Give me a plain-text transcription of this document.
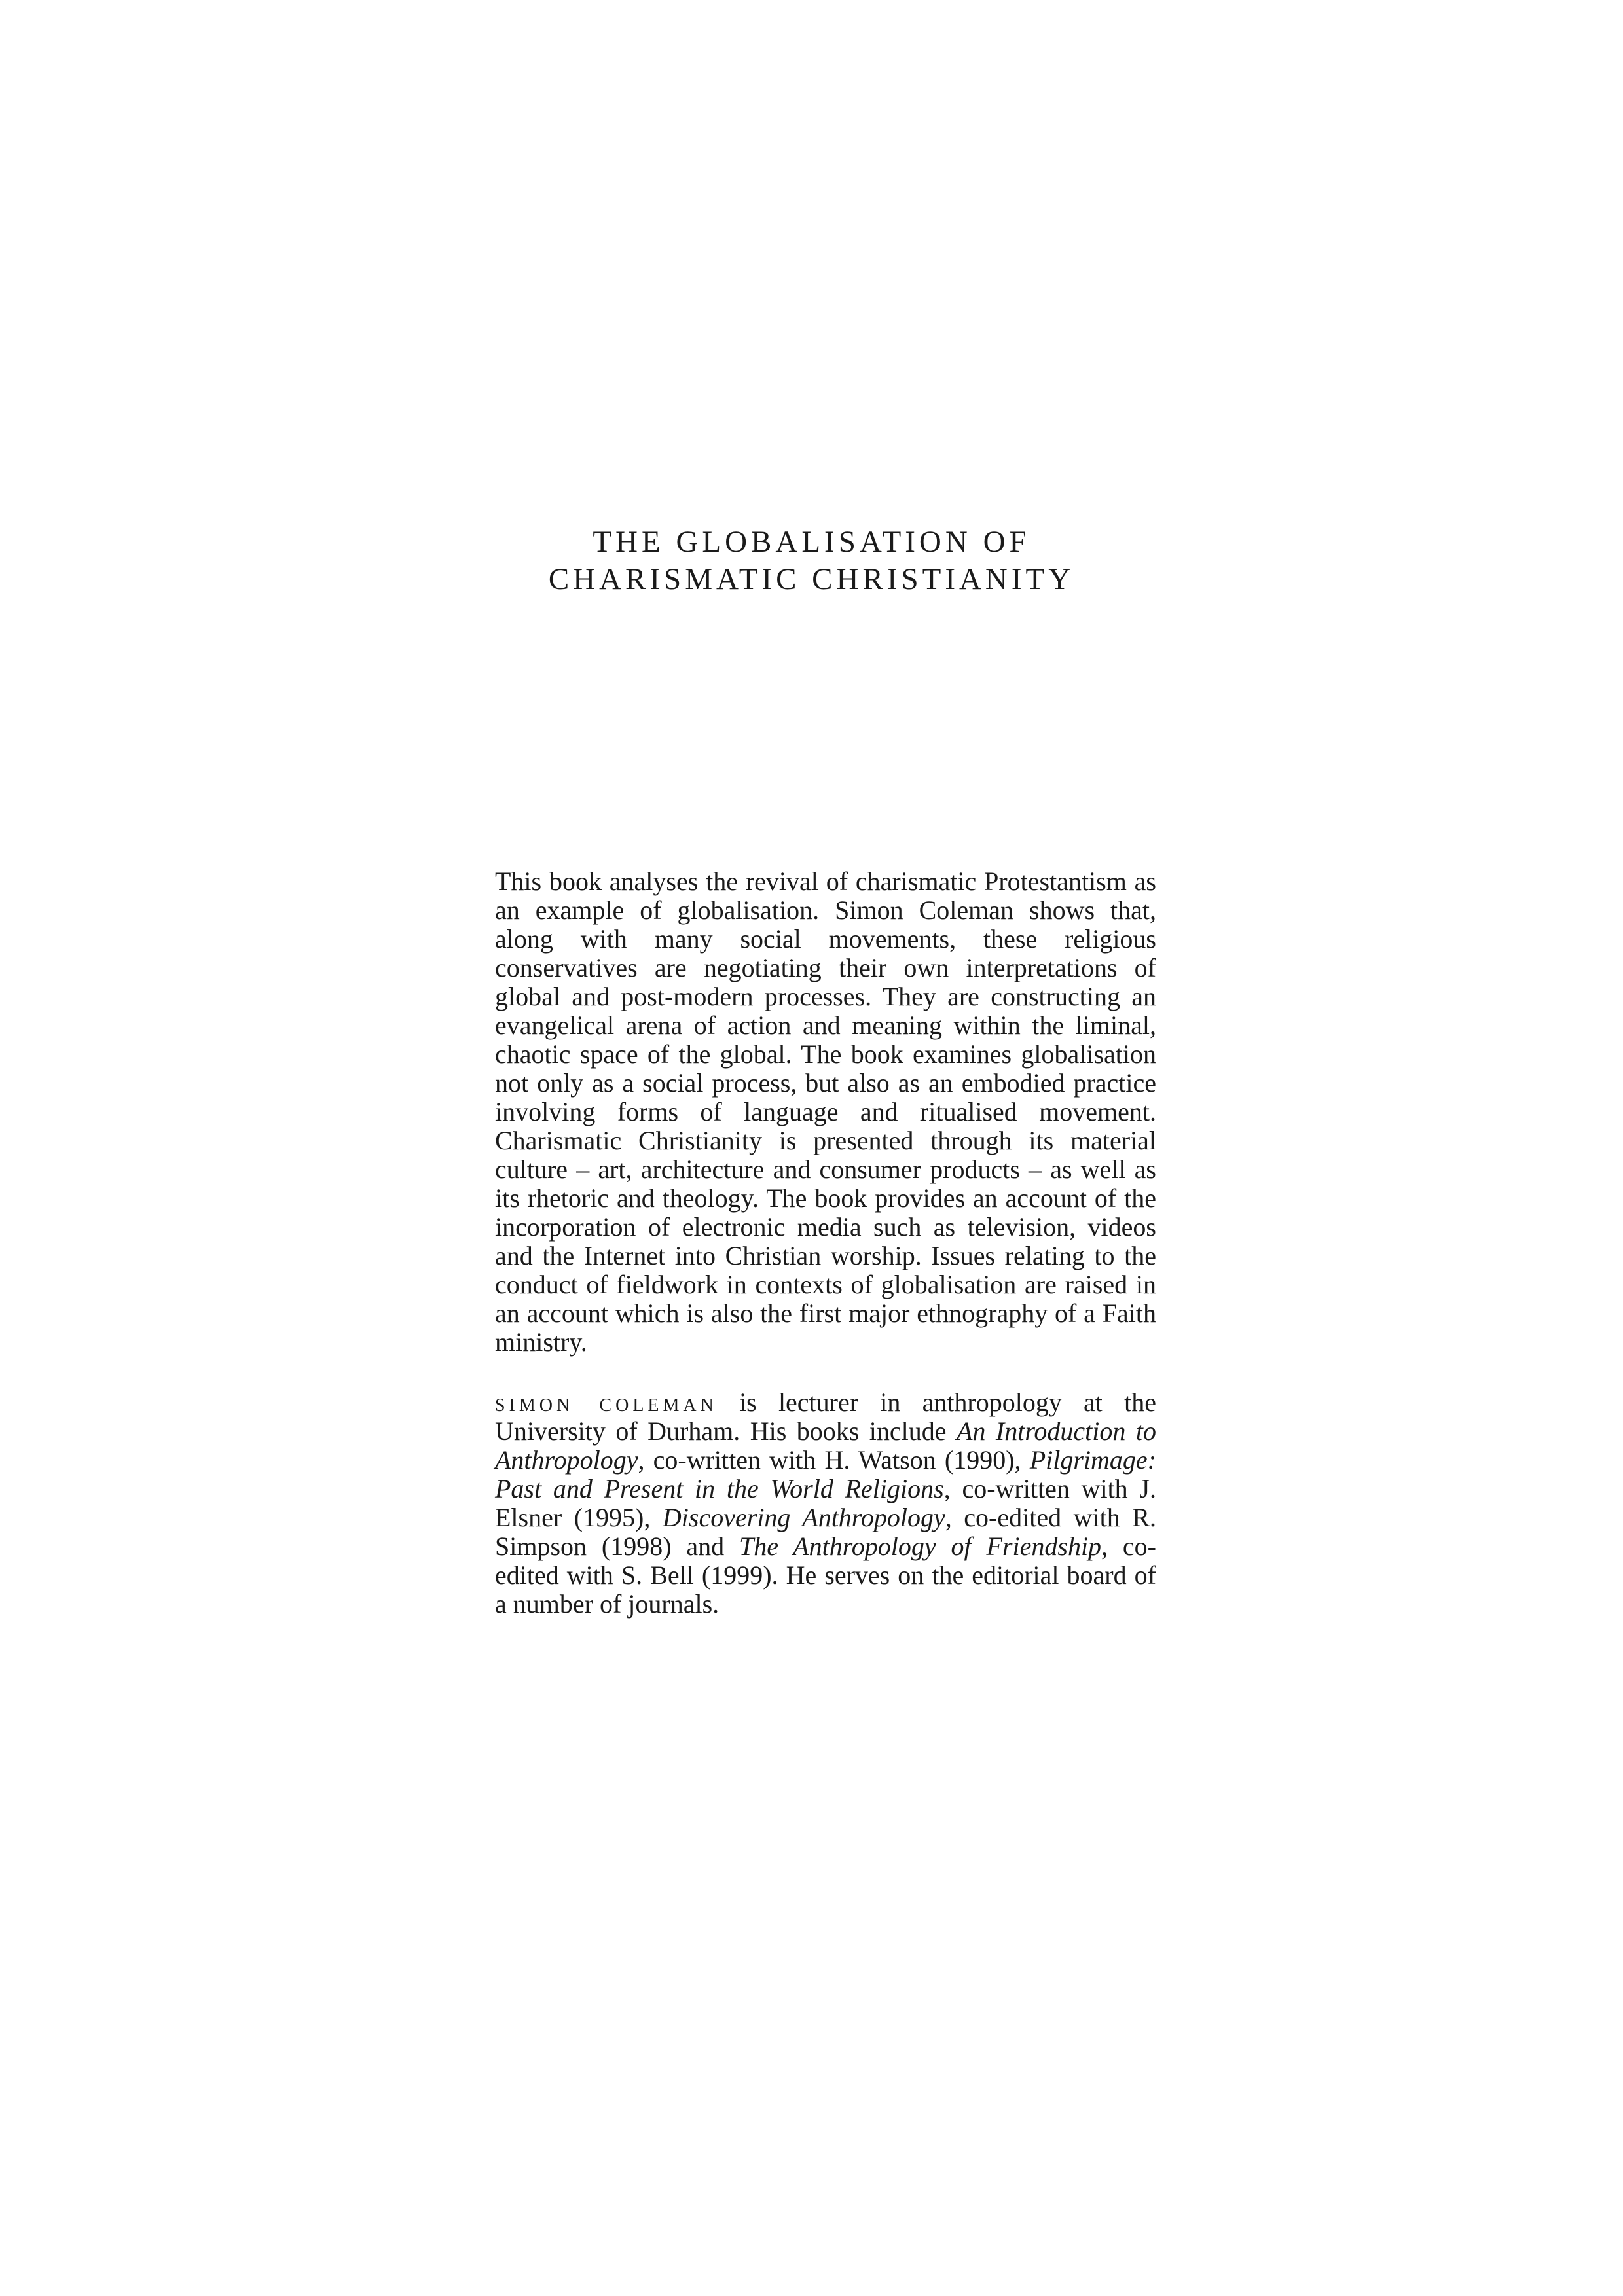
THE GLOBALISATION OF
CHARISMATIC CHRISTIANITY

This book analyses the revival of charismatic Protestantism as an example of globalisation. Simon Coleman shows that, along with many social movements, these religious conservatives are negotiating their own interpretations of global and post-modern processes. They are constructing an evangelical arena of action and meaning within the liminal, chaotic space of the global. The book examines globalisation not only as a social process, but also as an embodied practice involving forms of language and ritualised movement. Charismatic Christianity is presented through its material culture – art, architecture and consumer products – as well as its rhetoric and theology. The book provides an account of the incorporation of electronic media such as television, videos and the Internet into Christian worship. Issues relating to the conduct of fieldwork in contexts of globalisation are raised in an account which is also the first major ethnography of a Faith ministry.

simon coleman is lecturer in anthropology at the University of Durham. His books include An Introduction to Anthropology, co-written with H. Watson (1990), Pilgrimage: Past and Present in the World Religions, co-written with J. Elsner (1995), Discovering Anthropology, co-edited with R. Simpson (1998) and The Anthropology of Friendship, co-edited with S. Bell (1999). He serves on the editorial board of a number of journals.
